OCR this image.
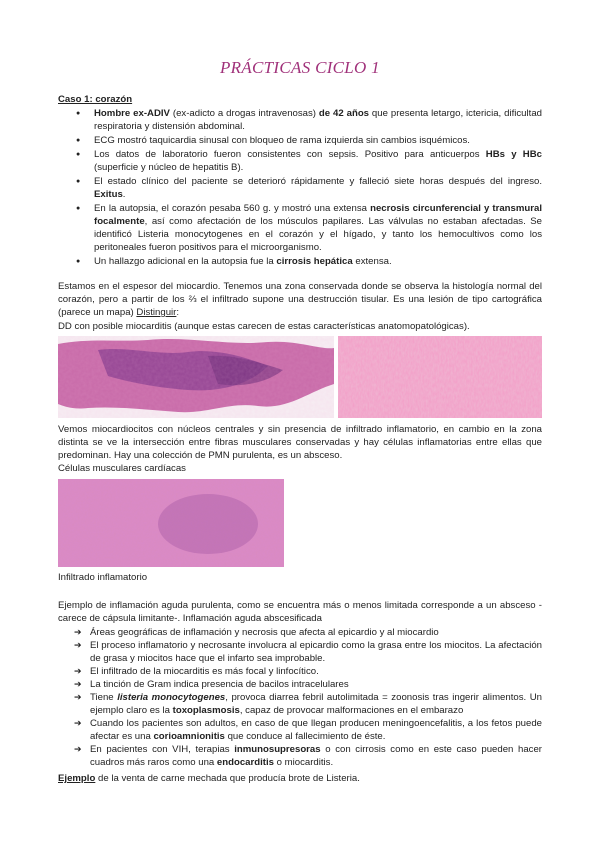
PRÁCTICAS CICLO 1
Caso 1: corazón
● Hombre ex-ADIV (ex-adicto a drogas intravenosas) de 42 años que presenta letargo, ictericia, dificultad respiratoria y distensión abdominal.
● ECG mostró taquicardia sinusal con bloqueo de rama izquierda sin cambios isquémicos.
● Los datos de laboratorio fueron consistentes con sepsis. Positivo para anticuerpos HBs y HBc (superficie y núcleo de hepatitis B).
● El estado clínico del paciente se deterioró rápidamente y falleció siete horas después del ingreso. Exitus.
● En la autopsia, el corazón pesaba 560 g. y mostró una extensa necrosis circunferencial y transmural focalmente, así como afectación de los músculos papilares. Las válvulas no estaban afectadas. Se identificó Listeria monocytogenes en el corazón y el hígado, y tanto los hemocultivos como los peritoneales fueron positivos para el microorganismo.
● Un hallazgo adicional en la autopsia fue la cirrosis hepática extensa.

Estamos en el espesor del miocardio. Tenemos una zona conservada donde se observa la histología normal del corazón, pero a partir de los ⅔ el infiltrado supone una destrucción tisular. Es una lesión de tipo cartográfica (parece un mapa) Distinguir:

DD con posible miocarditis (aunque estas carecen de estas características anatomopatológicas).

Vemos miocardiocitos con núcleos centrales y sin presencia de infiltrado inflamatorio, en cambio en la zona distinta se ve la intersección entre fibras musculares conservadas y hay células inflamatorias entre ellas que predominan. Hay una colección de PMN purulenta, es un absceso.

Células musculares cardíacas
Infiltrado inflamatorio

Ejemplo de inflamación aguda purulenta, como se encuentra más o menos limitada corresponde a un absceso -carece de cápsula limitante-. Inflamación aguda abscesificada

➔ Áreas geográficas de inflamación y necrosis que afecta al epicardio y al miocardio
➔ El proceso inflamatorio y necrosante involucra al epicardio como la grasa entre los miocitos. La afectación de grasa y miocitos hace que el infarto sea improbable.
➔ El infiltrado de la miocarditis es más focal y linfocítico.
➔ La tinción de Gram indica presencia de bacilos intracelulares
➔ Tiene listeria monocytogenes, provoca diarrea febril autolimitada = zoonosis tras ingerir alimentos. Un ejemplo claro es la toxoplasmosis, capaz de provocar malformaciones en el embarazo
➔ Cuando los pacientes son adultos, en caso de que llegan producen meningoencefalitis, a los fetos puede afectar es una corioamnionitis que conduce al fallecimiento de éste.
➔ En pacientes con VIH, terapias inmunosupresoras o con cirrosis como en este caso pueden hacer cuadros más raros como una endocarditis o miocarditis.

Ejemplo de la venta de carne mechada que producía brote de Listeria.
